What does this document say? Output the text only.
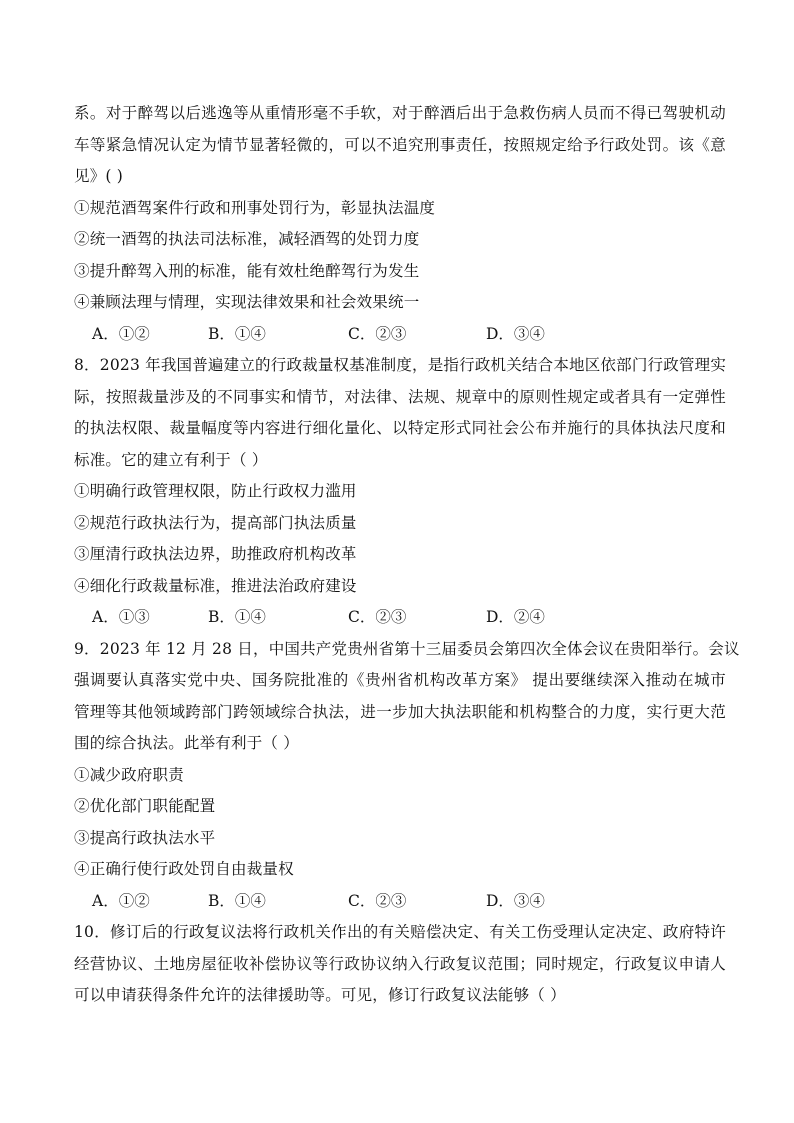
系。对于醉驾以后逃逸等从重情形毫不手软，对于醉酒后出于急救伤病人员而不得已驾驶机动
车等紧急情况认定为情节显著轻微的，可以不追究刑事责任，按照规定给予行政处罚。该《意
见》( )
①规范酒驾案件行政和刑事处罚行为，彰显执法温度
②统一酒驾的执法司法标准，减轻酒驾的处罚力度
③提升醉驾入刑的标准，能有效杜绝醉驾行为发生
④兼顾法理与情理，实现法律效果和社会效果统一
A．①②	B．①④	C．②③	D．③④
8．2023 年我国普遍建立的行政裁量权基准制度，是指行政机关结合本地区依部门行政管理实
际，按照裁量涉及的不同事实和情节，对法律、法规、规章中的原则性规定或者具有一定弹性
的执法权限、裁量幅度等内容进行细化量化、以特定形式同社会公布并施行的具体执法尺度和
标准。它的建立有利于（ ）
①明确行政管理权限，防止行政权力滥用
②规范行政执法行为，提高部门执法质量
③厘清行政执法边界，助推政府机构改革
④细化行政裁量标准，推进法治政府建设
A．①③	B．①④	C．②③	D．②④
9．2023 年 12 月 28 日，中国共产党贵州省第十三届委员会第四次全体会议在贵阳举行。会议
强调要认真落实党中央、国务院批准的《贵州省机构改革方案》 提出要继续深入推动在城市
管理等其他领域跨部门跨领域综合执法，进一步加大执法职能和机构整合的力度，实行更大范
围的综合执法。此举有利于（ ）
①减少政府职责
②优化部门职能配置
③提高行政执法水平
④正确行使行政处罚自由裁量权
A．①②	B．①④	C．②③	D．③④
10．修订后的行政复议法将行政机关作出的有关赔偿决定、有关工伤受理认定决定、政府特许
经营协议、土地房屋征收补偿协议等行政协议纳入行政复议范围；同时规定，行政复议申请人
可以申请获得条件允许的法律援助等。可见，修订行政复议法能够（ ）
